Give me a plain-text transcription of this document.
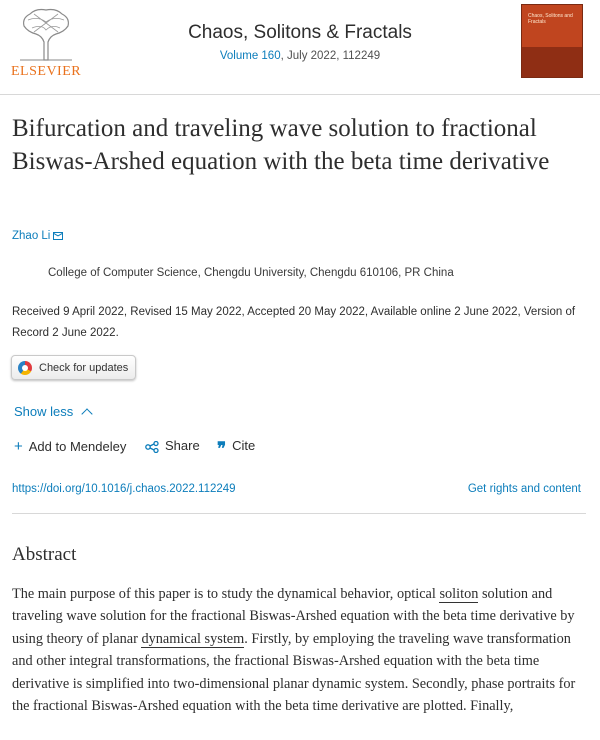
ELSEVIER
Chaos, Solitons & Fractals
Volume 160, July 2022, 112249
Chaos, Solitons and Fractals
Bifurcation and traveling wave solution to fractional Biswas-Arshed equation with the beta time derivative
Zhao Li
College of Computer Science, Chengdu University, Chengdu 610106, PR China
Received 9 April 2022, Revised 15 May 2022, Accepted 20 May 2022, Available online 2 June 2022, Version of Record 2 June 2022.
Check for updates
Show less
+ Add to Mendeley	Share ❞ Cite
https://doi.org/10.1016/j.chaos.2022.112249	Get rights and content
Abstract
The main purpose of this paper is to study the dynamical behavior, optical soliton solution and traveling wave solution for the fractional Biswas-Arshed equation with the beta time derivative by using theory of planar dynamical system. Firstly, by employing the traveling wave transformation and other integral transformations, the fractional Biswas-Arshed equation with the beta time derivative is simplified into two-dimensional planar dynamic system. Secondly, phase portraits for the fractional Biswas-Arshed equation with the beta time derivative are plotted. Finally,
